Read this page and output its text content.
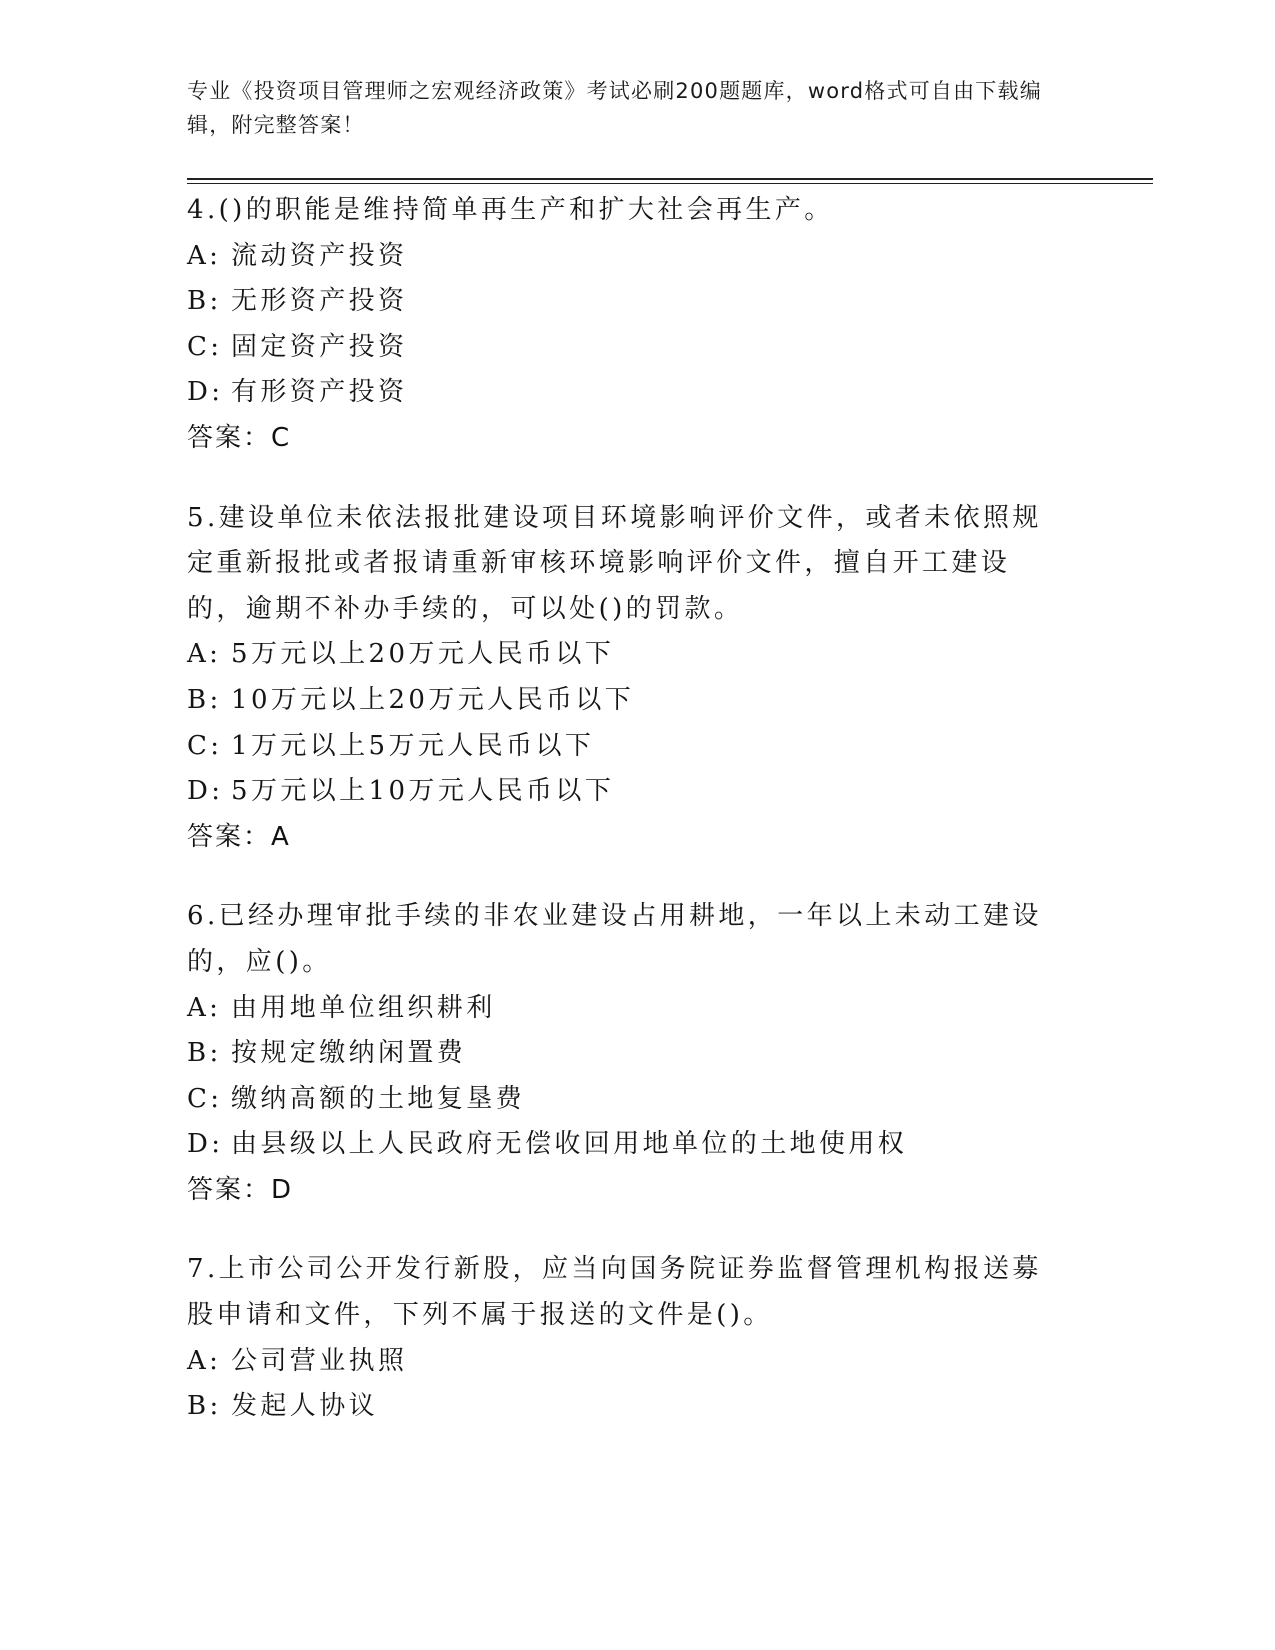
专业《投资项目管理师之宏观经济政策》考试必刷200题题库，word格式可自由下载编辑，附完整答案！
4.()的职能是维持简单再生产和扩大社会再生产。
A: 流动资产投资
B: 无形资产投资
C: 固定资产投资
D: 有形资产投资
答案：C
5.建设单位未依法报批建设项目环境影响评价文件，或者未依照规定重新报批或者报请重新审核环境影响评价文件，擅自开工建设的，逾期不补办手续的，可以处()的罚款。
A: 5万元以上20万元人民币以下
B: 10万元以上20万元人民币以下
C: 1万元以上5万元人民币以下
D: 5万元以上10万元人民币以下
答案：A
6.已经办理审批手续的非农业建设占用耕地，一年以上未动工建设的，应()。
A: 由用地单位组织耕利
B: 按规定缴纳闲置费
C: 缴纳高额的土地复垦费
D: 由县级以上人民政府无偿收回用地单位的土地使用权
答案：D
7.上市公司公开发行新股，应当向国务院证券监督管理机构报送募股申请和文件，下列不属于报送的文件是()。
A: 公司营业执照
B: 发起人协议
